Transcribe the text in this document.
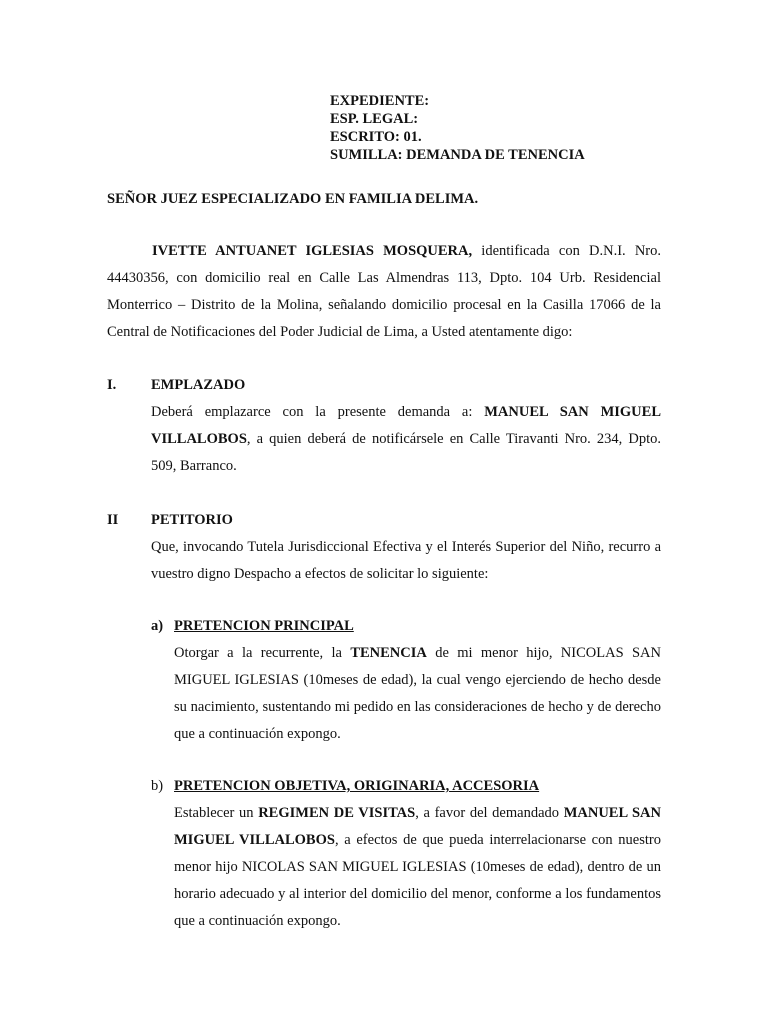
EXPEDIENTE:
ESP. LEGAL:
ESCRITO: 01.
SUMILLA: DEMANDA DE TENENCIA
SEÑOR JUEZ ESPECIALIZADO EN FAMILIA DELIMA.
IVETTE ANTUANET IGLESIAS MOSQUERA, identificada con D.N.I. Nro. 44430356, con domicilio real en Calle Las Almendras 113, Dpto. 104 Urb. Residencial Monterrico – Distrito de la Molina, señalando domicilio procesal en la Casilla 17066 de la Central de Notificaciones del Poder Judicial de Lima, a Usted atentamente digo:
I. EMPLAZADO
Deberá emplazarce con la presente demanda a: MANUEL SAN MIGUEL VILLALOBOS, a quien deberá de notificársele en Calle Tiravanti Nro. 234, Dpto. 509, Barranco.
II PETITORIO
Que, invocando Tutela Jurisdiccional Efectiva y el Interés Superior del Niño, recurro a vuestro digno Despacho a efectos de solicitar lo siguiente:
a) PRETENCION PRINCIPAL
Otorgar a la recurrente, la TENENCIA de mi menor hijo, NICOLAS SAN MIGUEL IGLESIAS (10meses de edad), la cual vengo ejerciendo de hecho desde su nacimiento, sustentando mi pedido en las consideraciones de hecho y de derecho que a continuación expongo.
b) PRETENCION OBJETIVA, ORIGINARIA, ACCESORIA
Establecer un REGIMEN DE VISITAS, a favor del demandado MANUEL SAN MIGUEL VILLALOBOS, a efectos de que pueda interrelacionarse con nuestro menor hijo NICOLAS SAN MIGUEL IGLESIAS (10meses de edad), dentro de un horario adecuado y al interior del domicilio del menor, conforme a los fundamentos que a continuación expongo.
